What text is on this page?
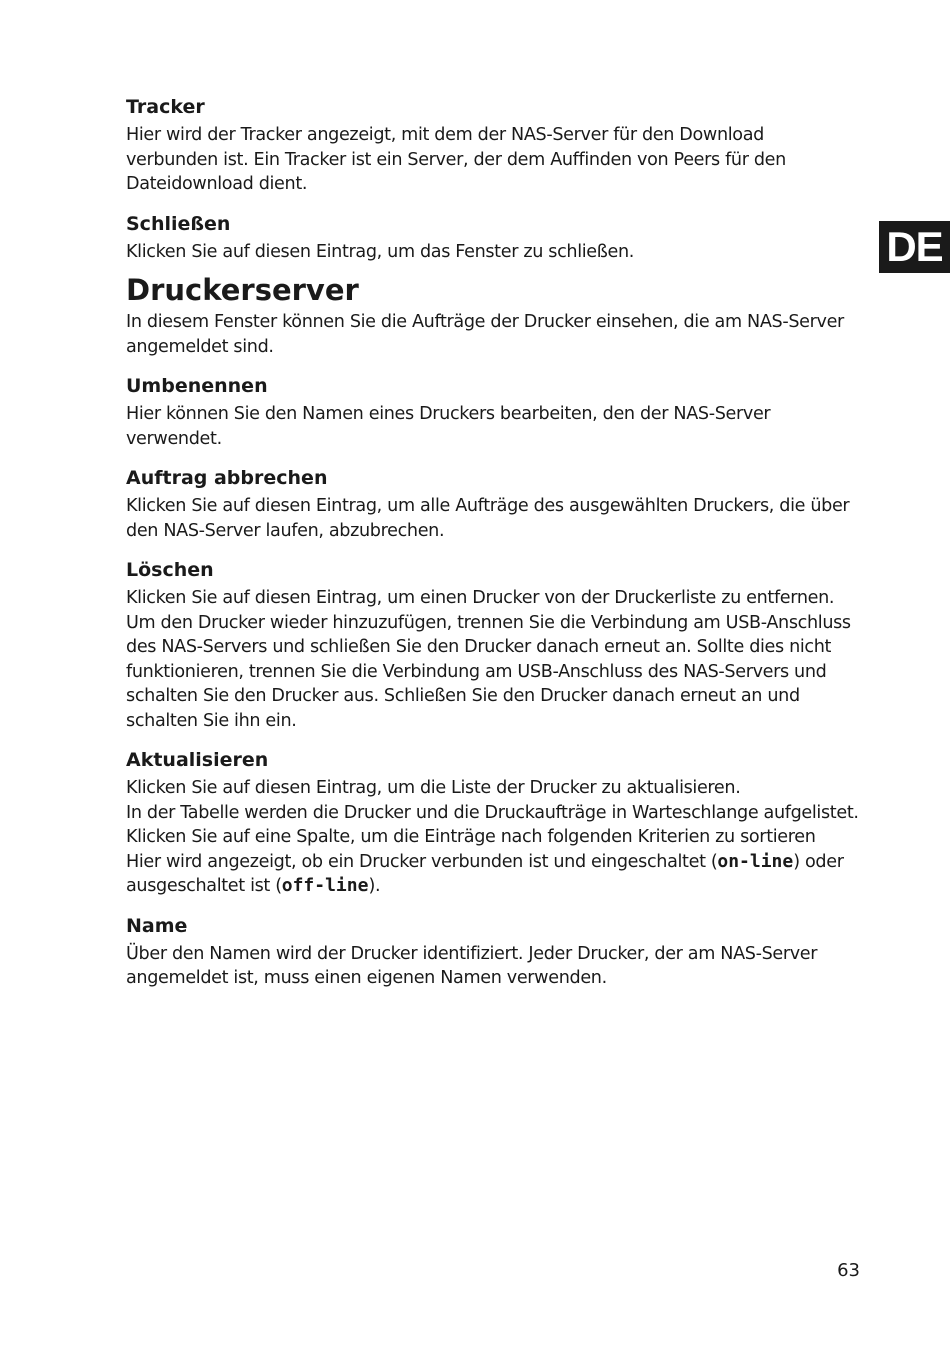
Tracker

Hier wird der Tracker angezeigt, mit dem der NAS-Server für den Download verbunden ist. Ein Tracker ist ein Server, der dem Auffinden von Peers für den Dateidownload dient.

Schließen

Klicken Sie auf diesen Eintrag, um das Fenster zu schließen.

Druckerserver

In diesem Fenster können Sie die Aufträge der Drucker einsehen, die am NAS-Server angemeldet sind.

Umbenennen

Hier können Sie den Namen eines Druckers bearbeiten, den der NAS-Server verwendet.

Auftrag abbrechen

Klicken Sie auf diesen Eintrag, um alle Aufträge des ausgewählten Druckers, die über den NAS-Server laufen, abzubrechen.

Löschen

Klicken Sie auf diesen Eintrag, um einen Drucker von der Druckerliste zu entfernen. Um den Drucker wieder hinzuzufügen, trennen Sie die Verbindung am USB-Anschluss des NAS-Servers und schließen Sie den Drucker danach erneut an. Sollte dies nicht funktionieren, trennen Sie die Verbindung am USB-Anschluss des NAS-Servers und schalten Sie den Drucker aus. Schließen Sie den Drucker danach erneut an und schalten Sie ihn ein.

Aktualisieren

Klicken Sie auf diesen Eintrag, um die Liste der Drucker zu aktualisieren.

In der Tabelle werden die Drucker und die Druckaufträge in Warteschlange aufgelistet. Klicken Sie auf eine Spalte, um die Einträge nach folgenden Kriterien zu sortieren

Hier wird angezeigt, ob ein Drucker verbunden ist und eingeschaltet (on-line) oder ausgeschaltet ist (off-line).

Name

Über den Namen wird der Drucker identifiziert. Jeder Drucker, der am NAS-Server angemeldet ist, muss einen eigenen Namen verwenden.

DE
63
